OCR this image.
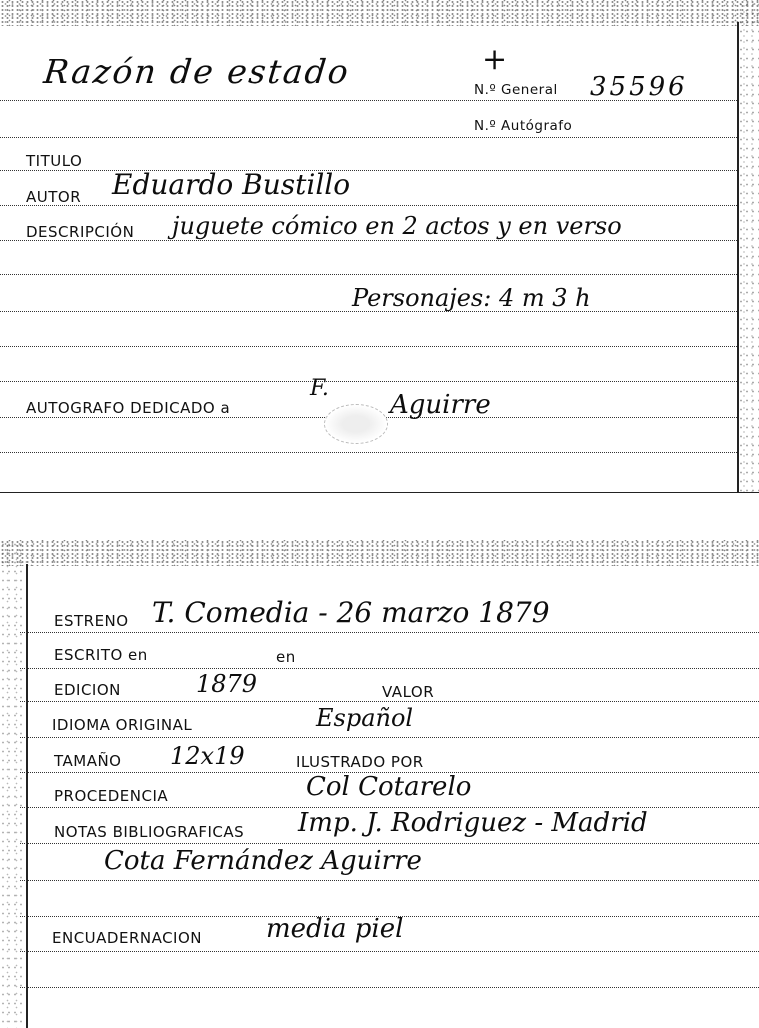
Razón de estado	+
N.º General 35596
N.º Autógrafo
TITULO
AUTOR Eduardo Bustillo
DESCRIPCIÓN juguete cómico en 2 actos y en verso
Personajes: 4 m 3 h
AUTOGRAFO DEDICADO a
F.
Aguirre
ESTRENO T. Comedia - 26 marzo 1879
ESCRITO en	en
EDICION	1879	VALOR
IDIOMA ORIGINAL	Español
TAMAÑO 12x19	ILUSTRADO POR
PROCEDENCIA	Col Cotarelo
NOTAS BIBLIOGRAFICAS Imp. J. Rodriguez - Madrid
Cota Fernández Aguirre
ENCUADERNACION media piel
